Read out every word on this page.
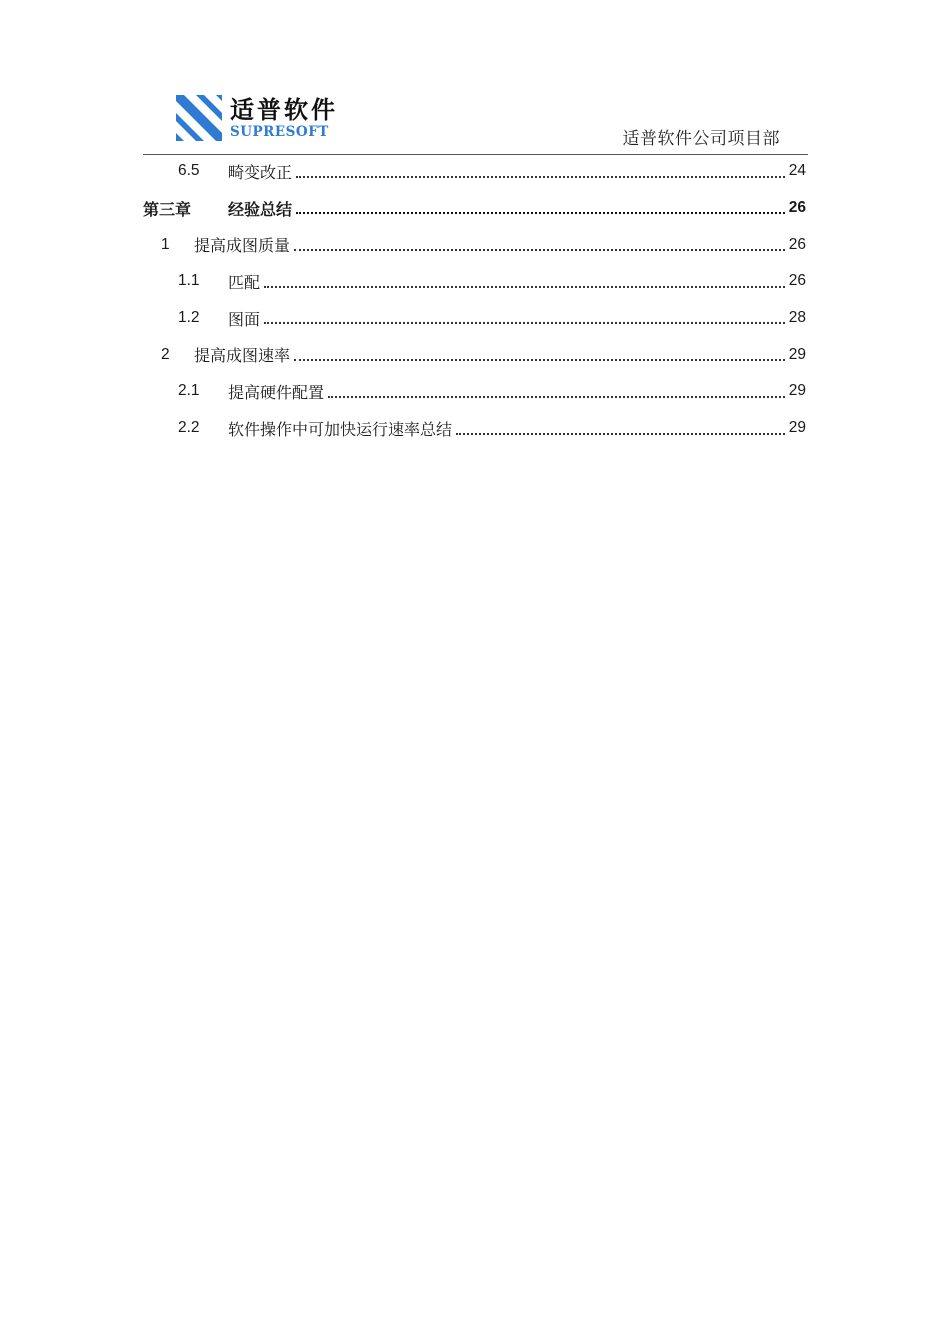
适普软件
SUPRESOFT	适普软件公司项目部
6.5	畸变改正	24
第三章 经验总结	26
1	提高成图质量	26
1.1	匹配	26
1.2	图面	28
2	提高成图速率	29
2.1	提高硬件配置	29
2.2	软件操作中可加快运行速率总结	29
